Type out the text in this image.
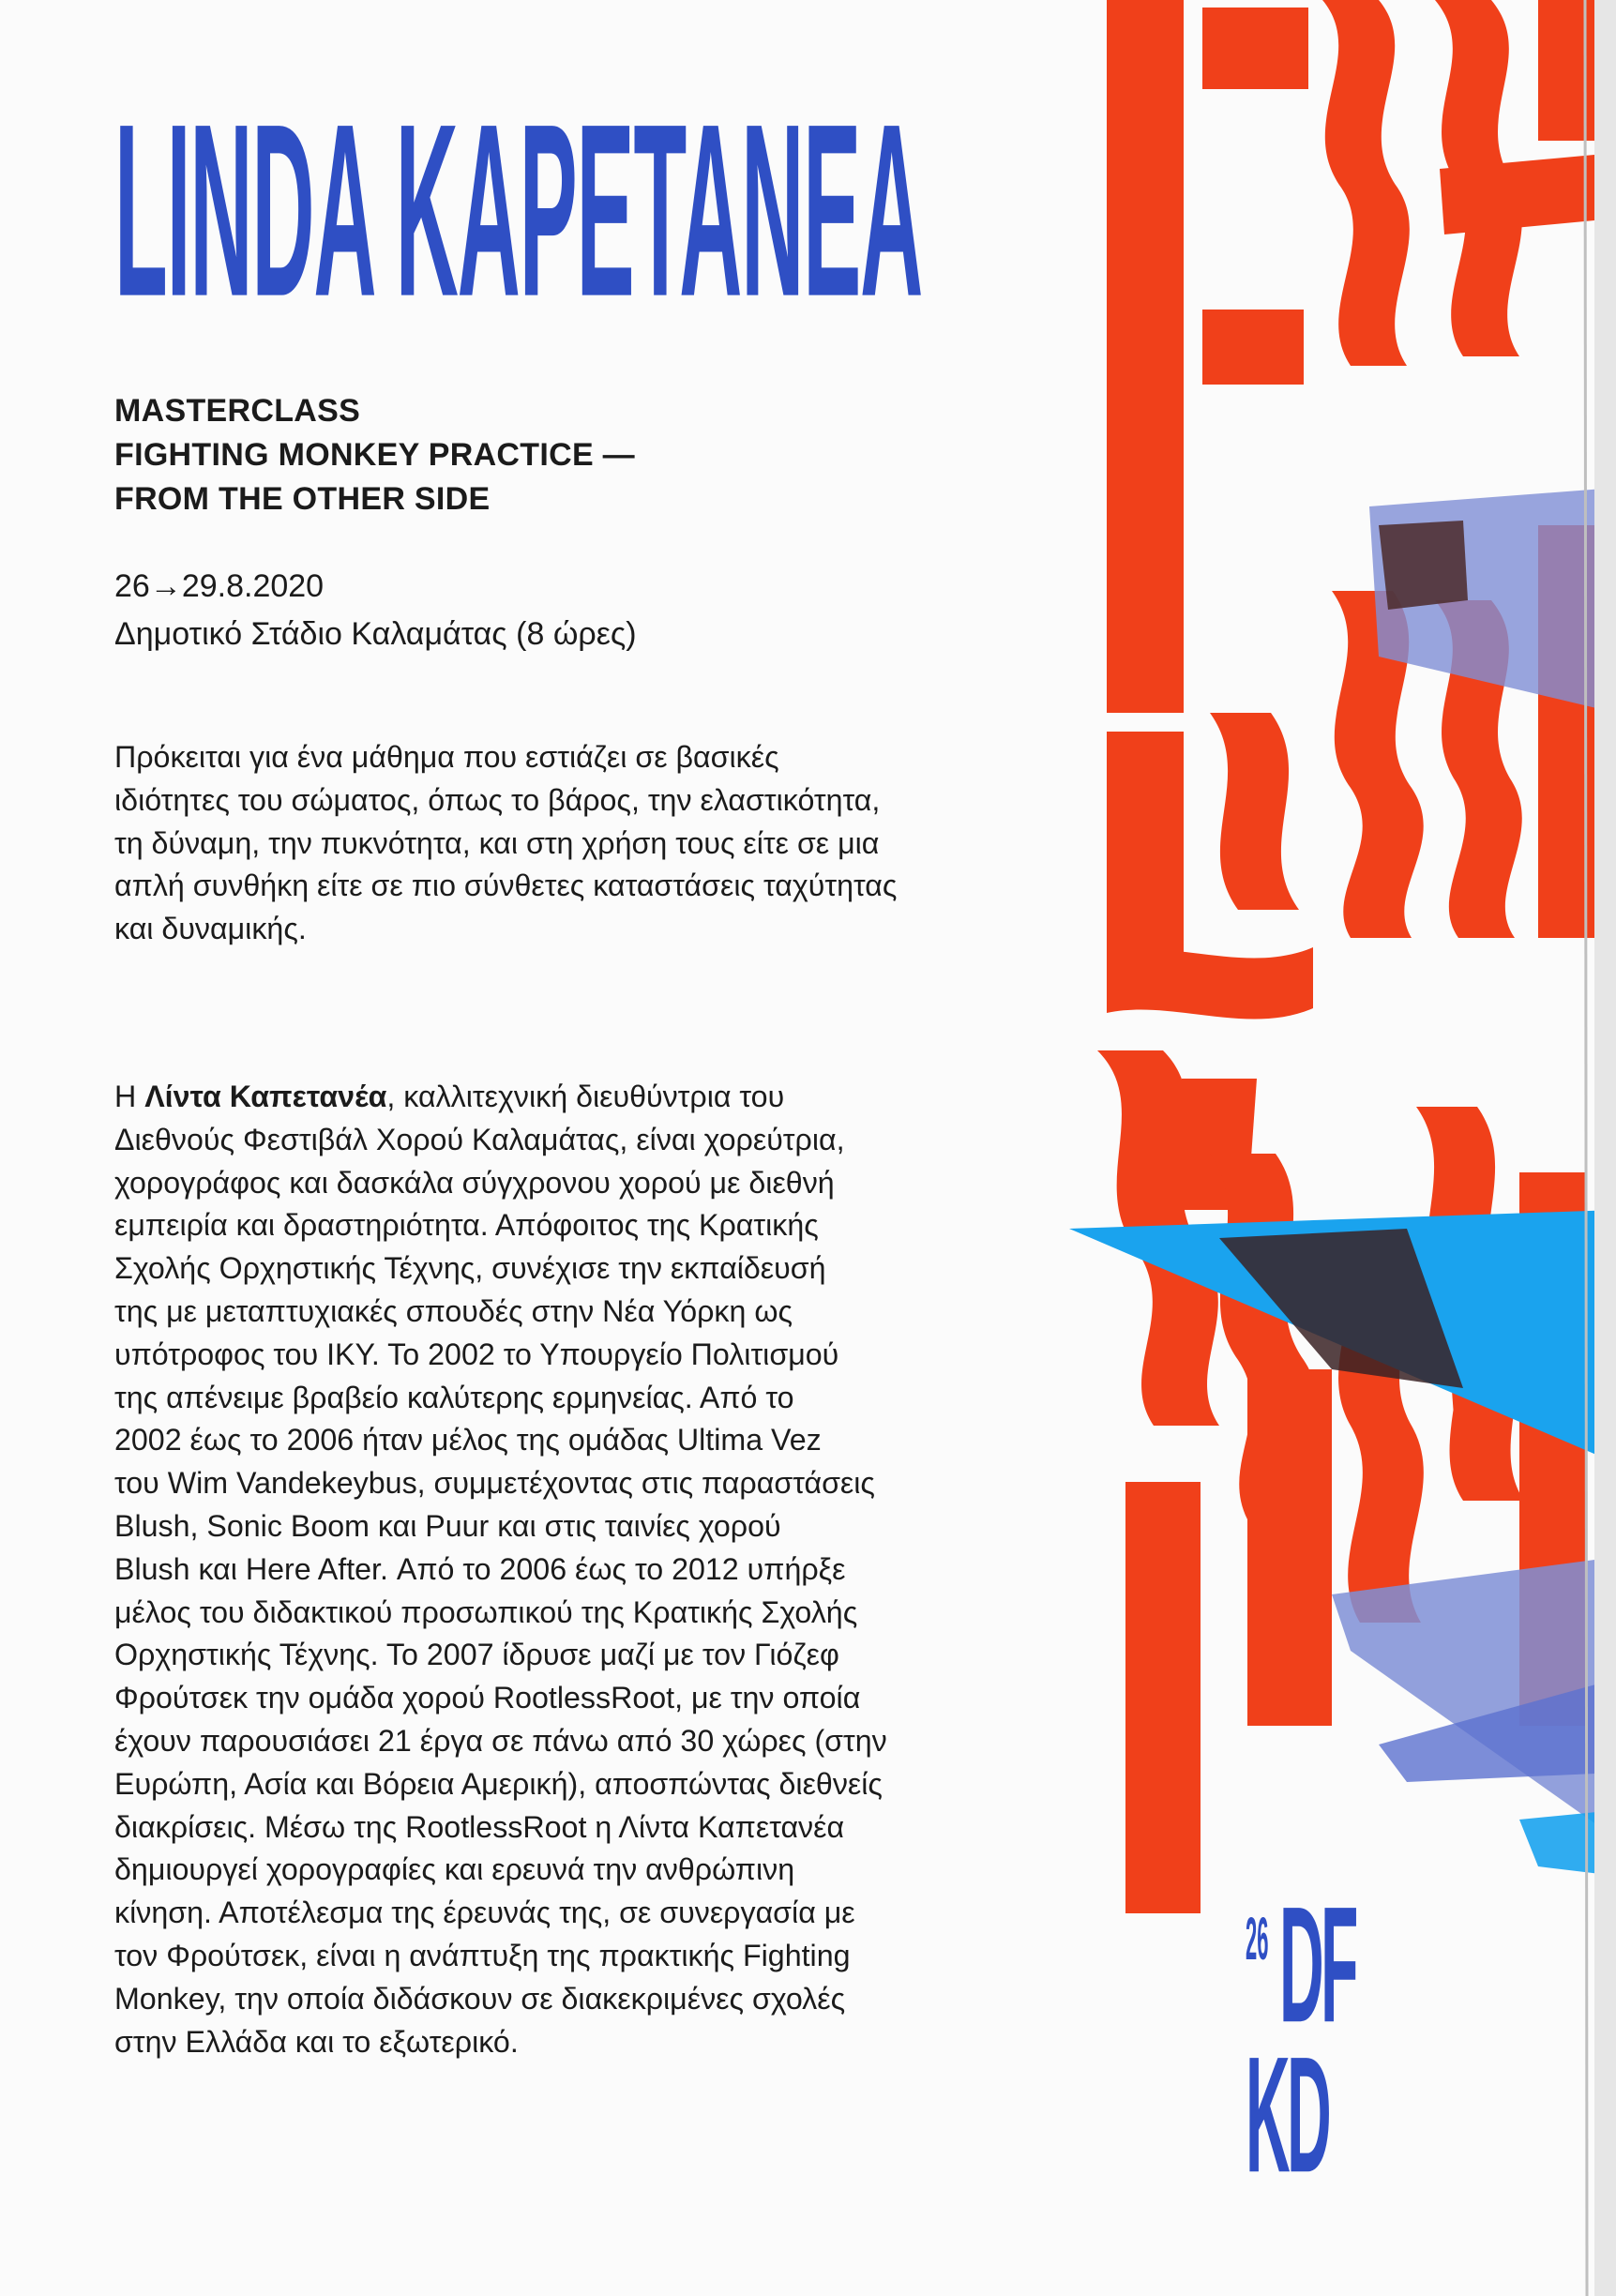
LINDA KAPETANEA
MASTERCLASS
FIGHTING MONKEY PRACTICE —
FROM THE OTHER SIDE
26→29.8.2020
Δημοτικό Στάδιο Καλαμάτας (8 ώρες)
Πρόκειται για ένα μάθημα που εστιάζει σε βασικές
ιδιότητες του σώματος, όπως το βάρος, την ελαστικότητα,
τη δύναμη, την πυκνότητα, και στη χρήση τους είτε σε μια
απλή συνθήκη είτε σε πιο σύνθετες καταστάσεις ταχύτητας
και δυναμικής.
Η Λίντα Καπετανέα, καλλιτεχνική διευθύντρια του
Διεθνούς Φεστιβάλ Χορού Καλαμάτας, είναι χορεύτρια,
χορογράφος και δασκάλα σύγχρονου χορού με διεθνή
εμπειρία και δραστηριότητα. Απόφοιτος της Κρατικής
Σχολής Ορχηστικής Τέχνης, συνέχισε την εκπαίδευσή
της με μεταπτυχιακές σπουδές στην Νέα Υόρκη ως
υπότροφος του ΙΚΥ. Το 2002 το Υπουργείο Πολιτισμού
της απένειμε βραβείο καλύτερης ερμηνείας. Από το
2002 έως το 2006 ήταν μέλος της ομάδας Ultima Vez
του Wim Vandekeybus, συμμετέχοντας στις παραστάσεις
Blush, Sonic Boom και Puur και στις ταινίες χορού
Blush και Here After. Από το 2006 έως το 2012 υπήρξε
μέλος του διδακτικού προσωπικού της Κρατικής Σχολής
Ορχηστικής Τέχνης. Το 2007 ίδρυσε μαζί με τον Γιόζεφ
Φρούτσεκ την ομάδα χορού RootlessRoot, με την οποία
έχουν παρουσιάσει 21 έργα σε πάνω από 30 χώρες (στην
Ευρώπη, Ασία και Βόρεια Αμερική), αποσπώντας διεθνείς
διακρίσεις. Μέσω της RootlessRoot η Λίντα Καπετανέα
δημιουργεί χορογραφίες και ερευνά την ανθρώπινη
κίνηση. Αποτέλεσμα της έρευνάς της, σε συνεργασία με
τον Φρούτσεκ, είναι η ανάπτυξη της πρακτικής Fighting
Monkey, την οποία διδάσκουν σε διακεκριμένες σχολές
στην Ελλάδα και το εξωτερικό.
26 DF
KD
